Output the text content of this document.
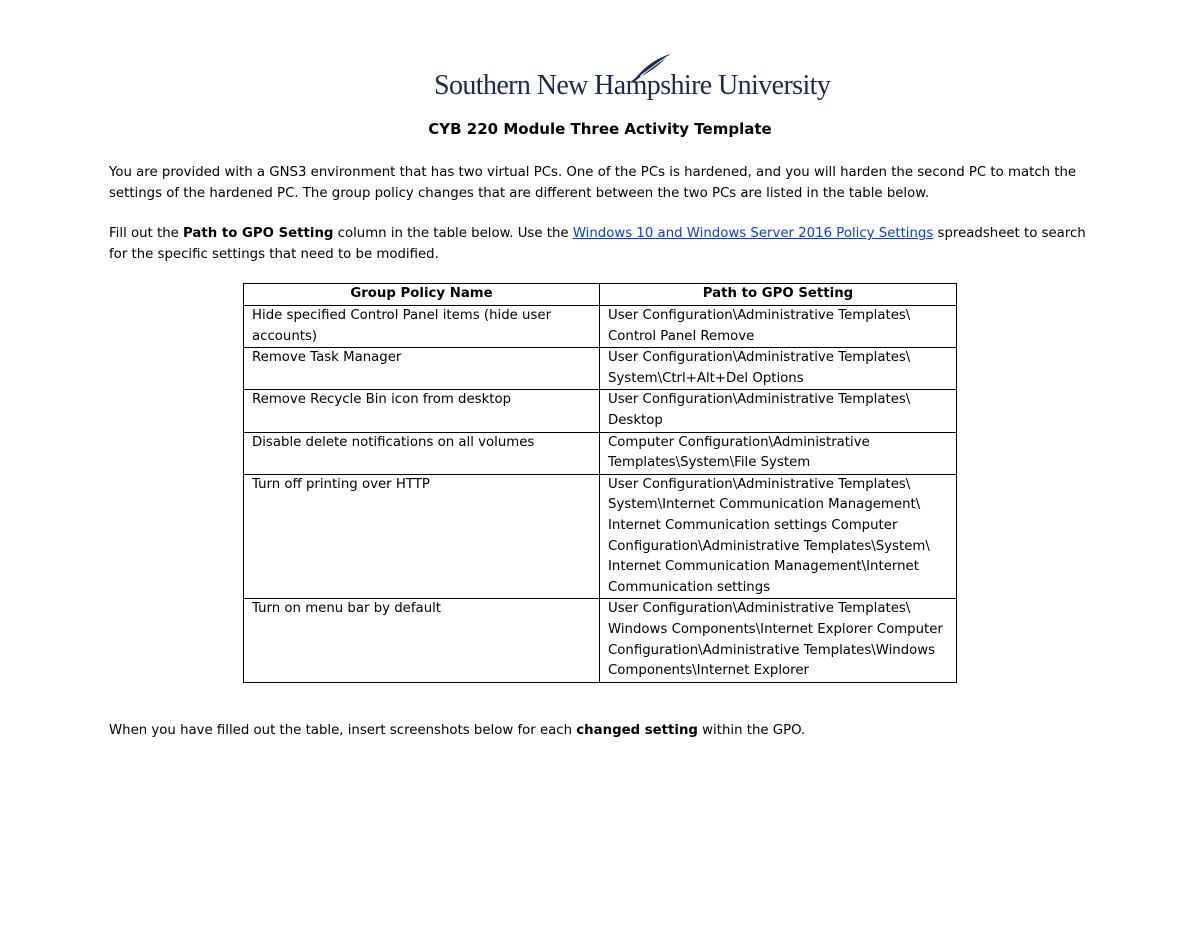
Southern New Hampshire University
CYB 220 Module Three Activity Template
You are provided with a GNS3 environment that has two virtual PCs. One of the PCs is hardened, and you will harden the second PC to match the settings of the hardened PC. The group policy changes that are different between the two PCs are listed in the table below.
Fill out the Path to GPO Setting column in the table below. Use the Windows 10 and Windows Server 2016 Policy Settings spreadsheet to search for the specific settings that need to be modified.
Group Policy Name	Path to GPO Setting
Hide specified Control Panel items (hide user accounts)	User Configuration\Administrative Templates\ Control Panel Remove
Remove Task Manager	User Configuration\Administrative Templates\ System\Ctrl+Alt+Del Options
Remove Recycle Bin icon from desktop	User Configuration\Administrative Templates\ Desktop
Disable delete notifications on all volumes	Computer Configuration\Administrative Templates\System\File System
Turn off printing over HTTP	User Configuration\Administrative Templates\ System\Internet Communication Management\ Internet Communication settings Computer Configuration\Administrative Templates\System\ Internet Communication Management\Internet Communication settings
Turn on menu bar by default	User Configuration\Administrative Templates\ Windows Components\Internet Explorer Computer Configuration\Administrative Templates\Windows Components\Internet Explorer
When you have filled out the table, insert screenshots below for each changed setting within the GPO.
